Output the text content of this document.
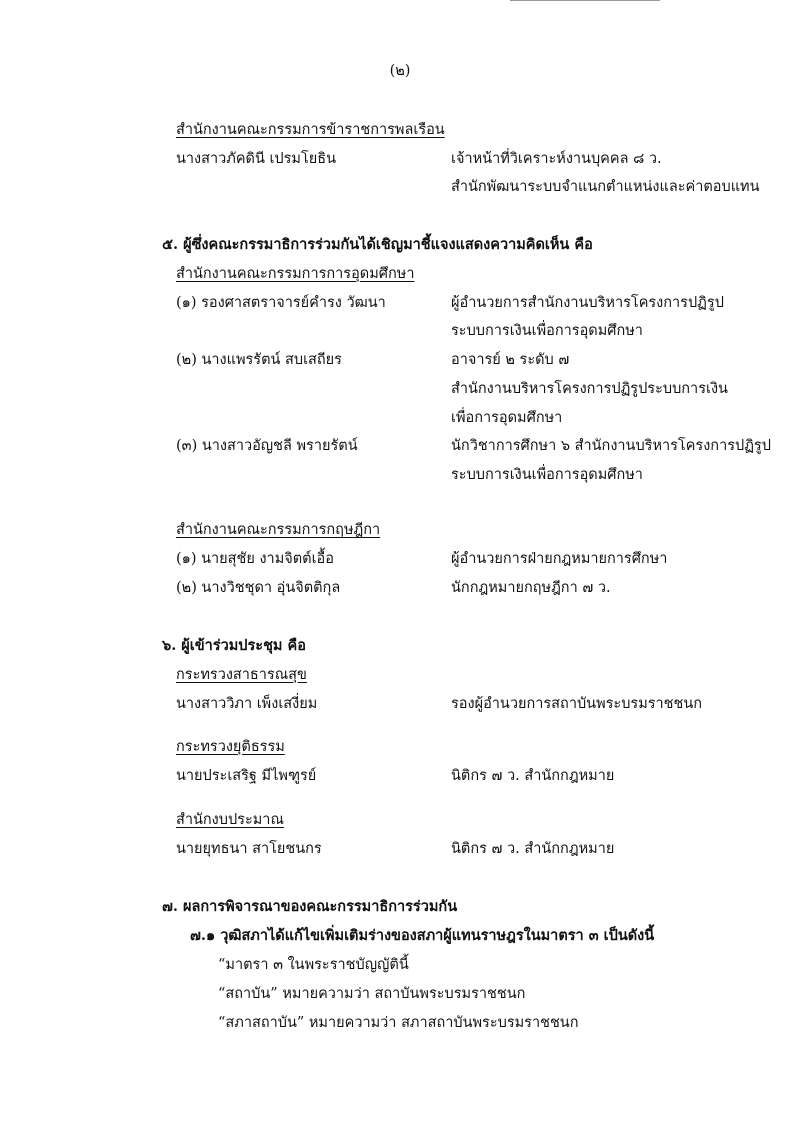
(๒)
สำนักงานคณะกรรมการข้าราชการพลเรือน
นางสาวภัคดินี เปรมโยธิน	เจ้าหน้าที่วิเคราะห์งานบุคคล ๘ ว.
สำนักพัฒนาระบบจำแนกตำแหน่งและค่าตอบแทน
๕. ผู้ซึ่งคณะกรรมาธิการร่วมกันได้เชิญมาชี้แจงแสดงความคิดเห็น คือ
สำนักงานคณะกรรมการการอุดมศึกษา
(๑) รองศาสตราจารย์คำรง วัฒนา	ผู้อำนวยการสำนักงานบริหารโครงการปฏิรูป
ระบบการเงินเพื่อการอุดมศึกษา
(๒) นางแพรรัตน์ สบเสถียร	อาจารย์ ๒ ระดับ ๗
สำนักงานบริหารโครงการปฏิรูประบบการเงิน
เพื่อการอุดมศึกษา
(๓) นางสาวอัญชลี พรายรัตน์	นักวิชาการศึกษา ๖ สำนักงานบริหารโครงการปฏิรูป
ระบบการเงินเพื่อการอุดมศึกษา
สำนักงานคณะกรรมการกฤษฎีกา
(๑) นายสุชัย งามจิตต์เอื้อ	ผู้อำนวยการฝ่ายกฎหมายการศึกษา
(๒) นางวิชชุดา อุ่นจิตติกุล	นักกฎหมายกฤษฎีกา ๗ ว.
๖. ผู้เข้าร่วมประชุม คือ
กระทรวงสาธารณสุข
นางสาววิภา เพ็งเสงี่ยม	รองผู้อำนวยการสถาบันพระบรมราชชนก
กระทรวงยุติธรรม
นายประเสริฐ มีไพฑูรย์	นิติกร ๗ ว. สำนักกฎหมาย
สำนักงบประมาณ
นายยุทธนา สาโยชนกร	นิติกร ๗ ว. สำนักกฎหมาย
๗. ผลการพิจารณาของคณะกรรมาธิการร่วมกัน
๗.๑ วุฒิสภาได้แก้ไขเพิ่มเติมร่างของสภาผู้แทนราษฎรในมาตรา ๓ เป็นดังนี้
“มาตรา ๓ ในพระราชบัญญัตินี้
“สถาบัน” หมายความว่า สถาบันพระบรมราชชนก
“สภาสถาบัน” หมายความว่า สภาสถาบันพระบรมราชชนก
